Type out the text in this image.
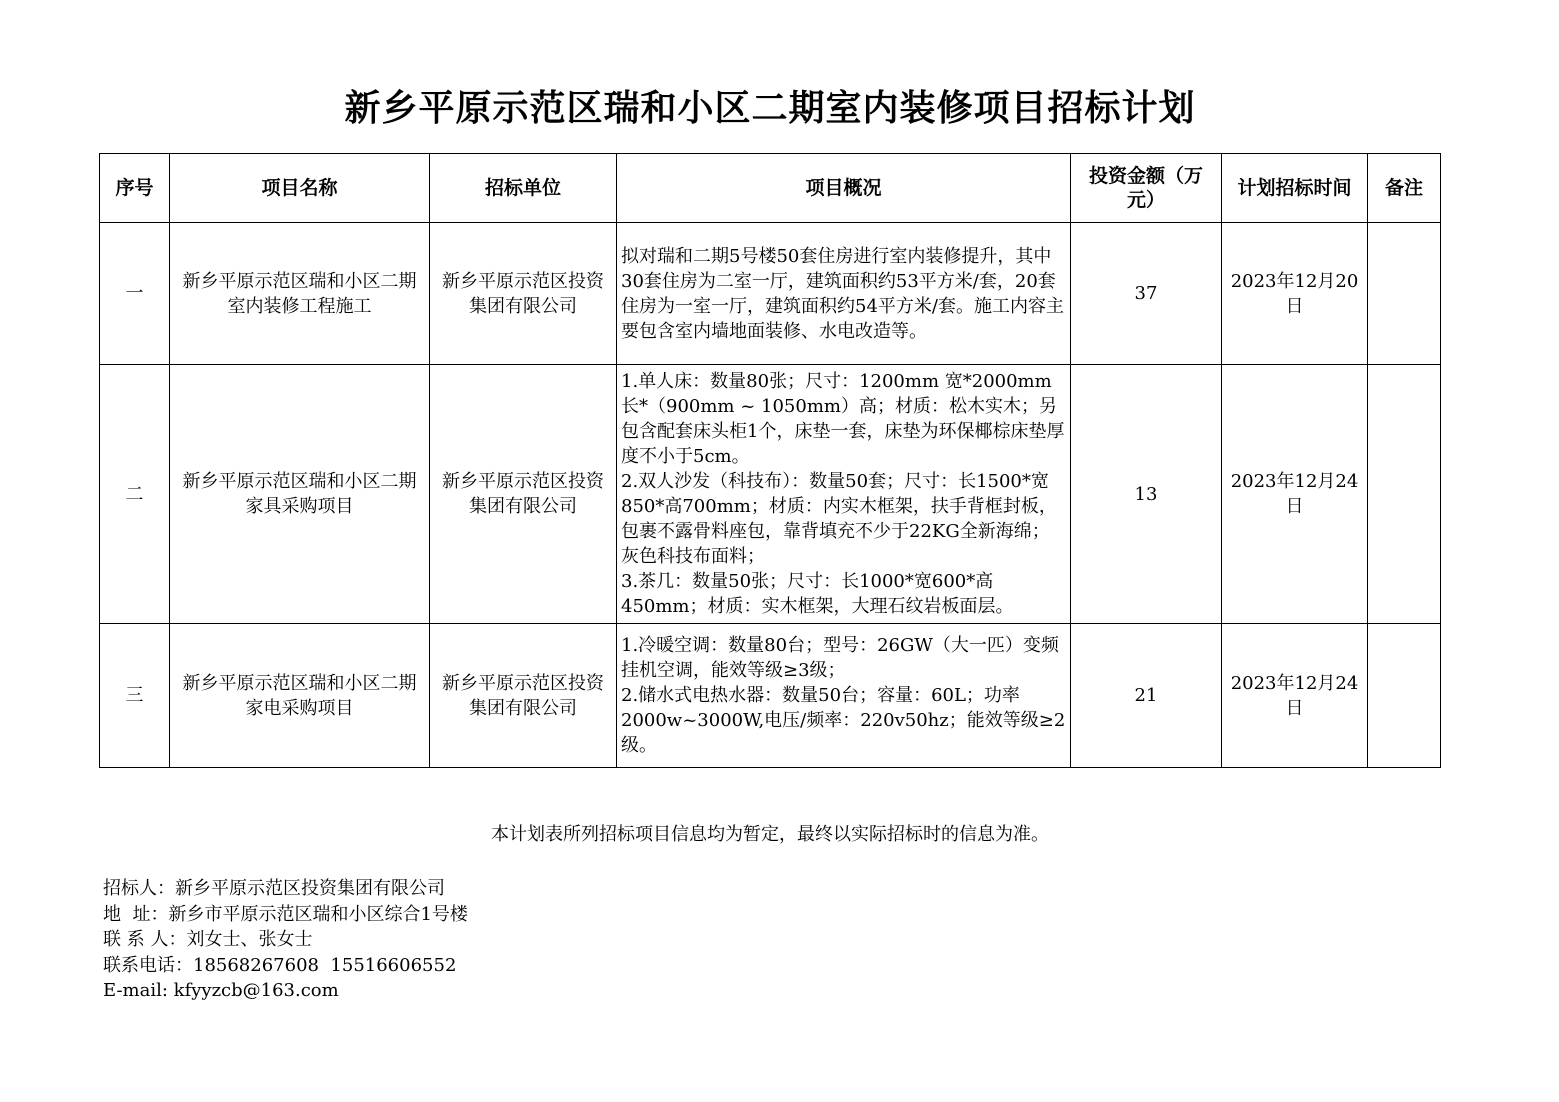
新乡平原示范区瑞和小区二期室内装修项目招标计划
序号	项目名称	招标单位	项目概况	投资金额（万元）	计划招标时间	备注
一	新乡平原示范区瑞和小区二期室内装修工程施工	新乡平原示范区投资集团有限公司	拟对瑞和二期5号楼50套住房进行室内装修提升，其中30套住房为二室一厅，建筑面积约53平方米/套，20套住房为一室一厅，建筑面积约54平方米/套。施工内容主要包含室内墙地面装修、水电改造等。	37	2023年12月20日	
二	新乡平原示范区瑞和小区二期家具采购项目	新乡平原示范区投资集团有限公司	1.单人床：数量80张；尺寸：1200mm 宽*2000mm 长*（900mm ~ 1050mm）高；材质：松木实木；另包含配套床头柜1个，床垫一套，床垫为环保椰棕床垫厚度不小于5cm。
2.双人沙发（科技布）：数量50套；尺寸：长1500*宽850*高700mm；材质：内实木框架，扶手背框封板，包裹不露骨料座包，靠背填充不少于22KG全新海绵；灰色科技布面料；
3.茶几：数量50张；尺寸：长1000*宽600*高450mm；材质：实木框架，大理石纹岩板面层。	13	2023年12月24日	
三	新乡平原示范区瑞和小区二期家电采购项目	新乡平原示范区投资集团有限公司	1.冷暖空调：数量80台；型号：26GW（大一匹）变频挂机空调，能效等级≥3级；
2.储水式电热水器：数量50台；容量：60L；功率2000w~3000W,电压/频率：220v50hz；能效等级≥2级。	21	2023年12月24日	
本计划表所列招标项目信息均为暂定，最终以实际招标时的信息为准。
招标人：新乡平原示范区投资集团有限公司
地  址：新乡市平原示范区瑞和小区综合1号楼
联 系 人：刘女士、张女士
联系电话：18568267608  15516606552
E-mail: kfyyzcb@163.com
